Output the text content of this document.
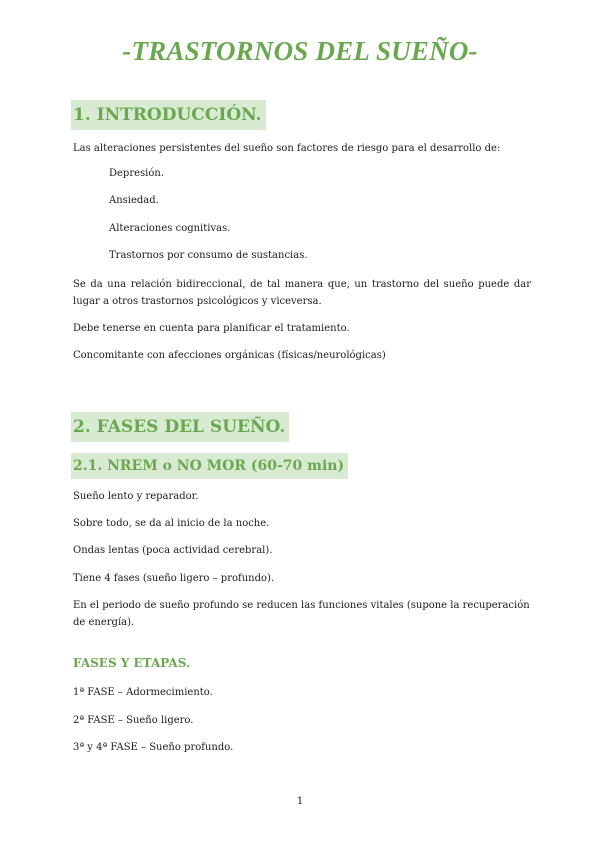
-TRASTORNOS DEL SUEÑO-
1. INTRODUCCIÓN.
Las alteraciones persistentes del sueño son factores de riesgo para el desarrollo de:
Depresión.
Ansiedad.
Alteraciones cognitivas.
Trastornos por consumo de sustancias.
Se da una relación bidireccional, de tal manera que, un trastorno del sueño puede dar lugar a otros trastornos psicológicos y viceversa.
Debe tenerse en cuenta para planificar el tratamiento.
Concomitante con afecciones orgánicas (físicas/neurológicas)
2. FASES DEL SUEÑO.
2.1. NREM o NO MOR (60-70 min)
Sueño lento y reparador.
Sobre todo, se da al inicio de la noche.
Ondas lentas (poca actividad cerebral).
Tiene 4 fases (sueño ligero – profundo).
En el periodo de sueño profundo se reducen las funciones vitales (supone la recuperación de energía).
FASES Y ETAPAS.
1ª FASE – Adormecimiento.
2ª FASE – Sueño ligero.
3ª y 4ª FASE – Sueño profundo.
1
